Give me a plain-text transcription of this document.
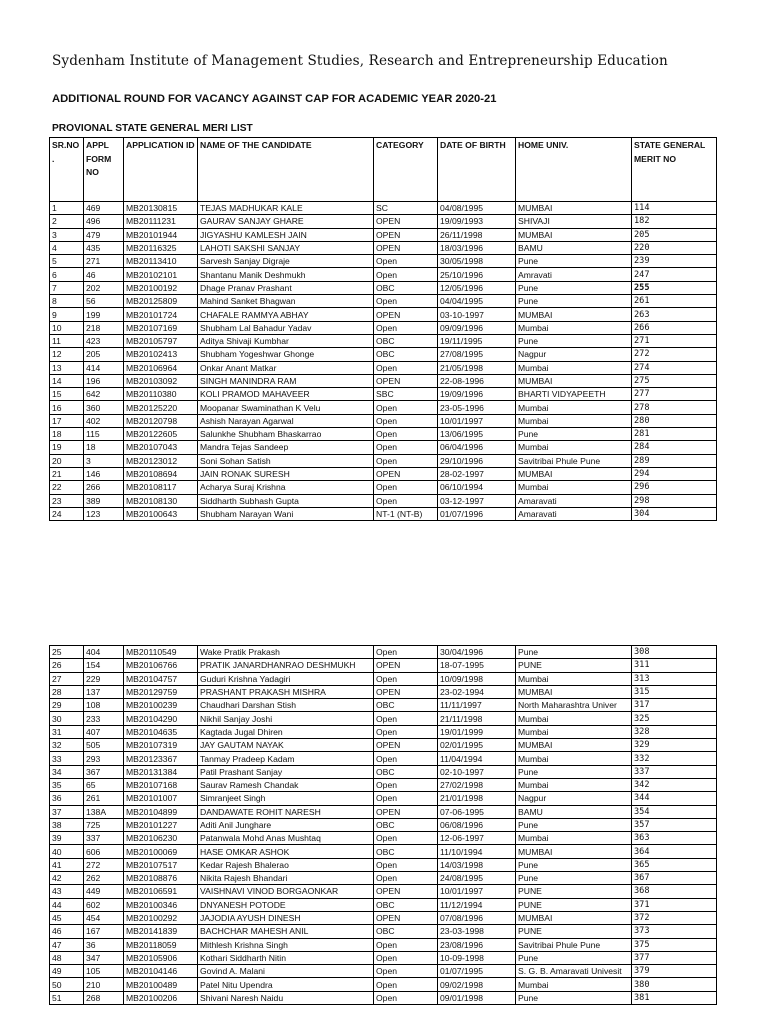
Sydenham Institute of Management Studies, Research and Entrepreneurship Education
ADDITIONAL ROUND FOR VACANCY AGAINST CAP FOR ACADEMIC YEAR 2020-21
PROVIONAL STATE GENERAL MERI LIST
SR.NO .	APPL FORM NO	APPLICATION ID	NAME OF THE CANDIDATE	CATEGORY	DATE OF BIRTH	HOME UNIV.	STATE GENERAL MERIT NO
1	469	MB20130815	TEJAS MADHUKAR KALE	SC	04/08/1995	MUMBAI	114
2	496	MB20111231	GAURAV SANJAY GHARE	OPEN	19/09/1993	SHIVAJI	182
3	479	MB20101944	JIGYASHU KAMLESH JAIN	OPEN	26/11/1998	MUMBAI	205
4	435	MB20116325	LAHOTI SAKSHI SANJAY	OPEN	18/03/1996	BAMU	220
5	271	MB20113410	Sarvesh Sanjay Digraje	Open	30/05/1998	Pune	239
6	46	MB20102101	Shantanu Manik Deshmukh	Open	25/10/1996	Amravati	247
7	202	MB20100192	Dhage Pranav Prashant	OBC	12/05/1996	Pune	255
8	56	MB20125809	Mahind Sanket Bhagwan	Open	04/04/1995	Pune	261
9	199	MB20101724	CHAFALE RAMMYA ABHAY	OPEN	03-10-1997	MUMBAI	263
10	218	MB20107169	Shubham Lal Bahadur Yadav	Open	09/09/1996	Mumbai	266
11	423	MB20105797	Aditya Shivaji Kumbhar	OBC	19/11/1995	Pune	271
12	205	MB20102413	Shubham Yogeshwar Ghonge	OBC	27/08/1995	Nagpur	272
13	414	MB20106964	Onkar Anant Matkar	Open	21/05/1998	Mumbai	274
14	196	MB20103092	SINGH MANINDRA RAM	OPEN	22-08-1996	MUMBAI	275
15	642	MB20110380	KOLI PRAMOD MAHAVEER	SBC	19/09/1996	BHARTI VIDYAPEETH	277
16	360	MB20125220	Moopanar Swaminathan K Velu	Open	23-05-1996	Mumbai	278
17	402	MB20120798	Ashish Narayan Agarwal	Open	10/01/1997	Mumbai	280
18	115	MB20122605	Salunkhe Shubham Bhaskarrao	Open	13/06/1995	Pune	281
19	18	MB20107043	Mandra Tejas Sandeep	Open	06/04/1996	Mumbai	284
20	3	MB20123012	Soni Sohan Satish	Open	29/10/1996	Savitribai Phule Pune	289
21	146	MB20108694	JAIN RONAK SURESH	OPEN	28-02-1997	MUMBAI	294
22	266	MB20108117	Acharya Suraj Krishna	Open	06/10/1994	Mumbai	296
23	389	MB20108130	Siddharth Subhash Gupta	Open	03-12-1997	Amaravati	298
24	123	MB20100643	Shubham Narayan Wani	NT-1 (NT-B)	01/07/1996	Amaravati	304
25	404	MB20110549	Wake Pratik Prakash	Open	30/04/1996	Pune	308
26	154	MB20106766	PRATIK JANARDHANRAO DESHMUKH	OPEN	18-07-1995	PUNE	311
27	229	MB20104757	Guduri Krishna Yadagiri	Open	10/09/1998	Mumbai	313
28	137	MB20129759	PRASHANT PRAKASH MISHRA	OPEN	23-02-1994	MUMBAI	315
29	108	MB20100239	Chaudhari Darshan Stish	OBC	11/11/1997	North Maharashtra Univer	317
30	233	MB20104290	Nikhil Sanjay Joshi	Open	21/11/1998	Mumbai	325
31	407	MB20104635	Kagtada Jugal Dhiren	Open	19/01/1999	Mumbai	328
32	505	MB20107319	JAY GAUTAM NAYAK	OPEN	02/01/1995	MUMBAI	329
33	293	MB20123367	Tanmay Pradeep Kadam	Open	11/04/1994	Mumbai	332
34	367	MB20131384	Patil Prashant Sanjay	OBC	02-10-1997	Pune	337
35	65	MB20107168	Saurav Ramesh Chandak	Open	27/02/1998	Mumbai	342
36	261	MB20101007	Simranjeet Singh	Open	21/01/1998	Nagpur	344
37	138A	MB20104899	DANDAWATE ROHIT NARESH	OPEN	07-06-1995	BAMU	354
38	725	MB20101227	Aditi Anil Jungharе	OBC	06/08/1996	Pune	357
39	337	MB20106230	Patanwala Mohd Anas Mushtaq	Open	12-06-1997	Mumbai	363
40	606	MB20100069	HASE OMKAR ASHOK	OBC	11/10/1994	MUMBAI	364
41	272	MB20107517	Kedar Rajesh Bhalerao	Open	14/03/1998	Pune	365
42	262	MB20108876	Nikita Rajesh Bhandari	Open	24/08/1995	Pune	367
43	449	MB20106591	VAISHNAVI VINOD BORGAONKAR	OPEN	10/01/1997	PUNE	368
44	602	MB20100346	DNYANESH POTODE	OBC	11/12/1994	PUNE	371
45	454	MB20100292	JAJODIA AYUSH DINESH	OPEN	07/08/1996	MUMBAI	372
46	167	MB20141839	BACHCHAR MAHESH ANIL	OBC	23-03-1998	PUNE	373
47	36	MB20118059	Mithlesh Krishna Singh	Open	23/08/1996	Savitribai Phule Pune	375
48	347	MB20105906	Kothari Siddharth Nitin	Open	10-09-1998	Pune	377
49	105	MB20104146	Govind A. Malani	Open	01/07/1995	S. G. B. Amaravati Univesit	379
50	210	MB20100489	Patel Nitu Upendra	Open	09/02/1998	Mumbai	380
51	268	MB20100206	Shivani Naresh Naidu	Open	09/01/1998	Pune	381
